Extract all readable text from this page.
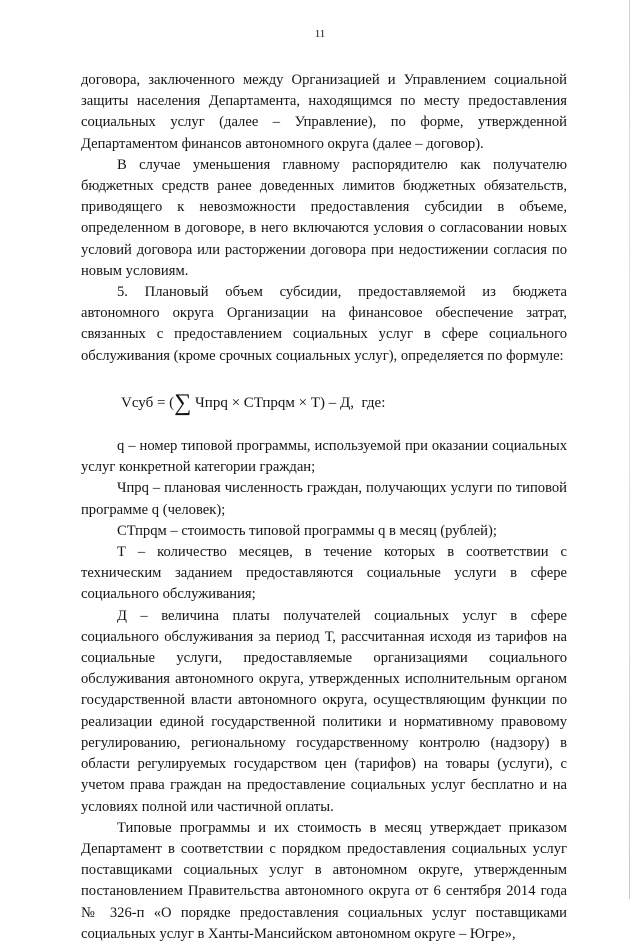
11

договора, заключенного между Организацией и Управлением социальной защиты населения Департамента, находящимся по месту предоставления социальных услуг (далее – Управление), по форме, утвержденной Департаментом финансов автономного округа (далее – договор).

В случае уменьшения главному распорядителю как получателю бюджетных средств ранее доведенных лимитов бюджетных обязательств, приводящего к невозможности предоставления субсидии в объеме, определенном в договоре, в него включаются условия о согласовании новых условий договора или расторжении договора при недостижении согласия по новым условиям.

5. Плановый объем субсидии, предоставляемой из бюджета автономного округа Организации на финансовое обеспечение затрат, связанных с предоставлением социальных услуг в сфере социального обслуживания (кроме срочных социальных услуг), определяется по формуле:

Vсуб = (∑ Чпрq × СТпрqм × Т) – Д, где:

q – номер типовой программы, используемой при оказании социальных услуг конкретной категории граждан;

Чпрq – плановая численность граждан, получающих услуги по типовой программе q (человек);

СТпрqм – стоимость типовой программы q в месяц (рублей);

Т – количество месяцев, в течение которых в соответствии с техническим заданием предоставляются социальные услуги в сфере социального обслуживания;

Д – величина платы получателей социальных услуг в сфере социального обслуживания за период Т, рассчитанная исходя из тарифов на социальные услуги, предоставляемые организациями социального обслуживания автономного округа, утвержденных исполнительным органом государственной власти автономного округа, осуществляющим функции по реализации единой государственной политики и нормативному правовому регулированию, региональному государственному контролю (надзору) в области регулируемых государством цен (тарифов) на товары (услуги), с учетом права граждан на предоставление социальных услуг бесплатно и на условиях полной или частичной оплаты.

Типовые программы и их стоимость в месяц утверждает приказом Департамент в соответствии с порядком предоставления социальных услуг поставщиками социальных услуг в автономном округе, утвержденным постановлением Правительства автономного округа от 6 сентября 2014 года № 326-п «О порядке предоставления социальных услуг поставщиками социальных услуг в Ханты-Мансийском автономном округе – Югре»,
